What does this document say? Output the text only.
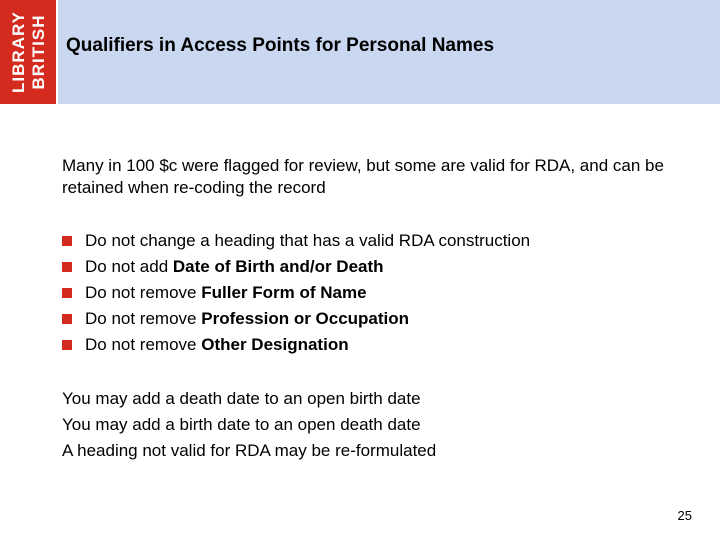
LIBRARY BRITISH Qualifiers in Access Points for Personal Names
Many in 100 $c were flagged for review, but some are valid for RDA, and can be retained when re-coding the record
Do not change a heading that has a valid RDA construction
Do not add Date of Birth and/or Death
Do not remove Fuller Form of Name
Do not remove Profession or Occupation
Do not remove Other Designation
You may add a death date to an open birth date
You may add a birth date to an open death date
A heading not valid for RDA may be re-formulated
25
